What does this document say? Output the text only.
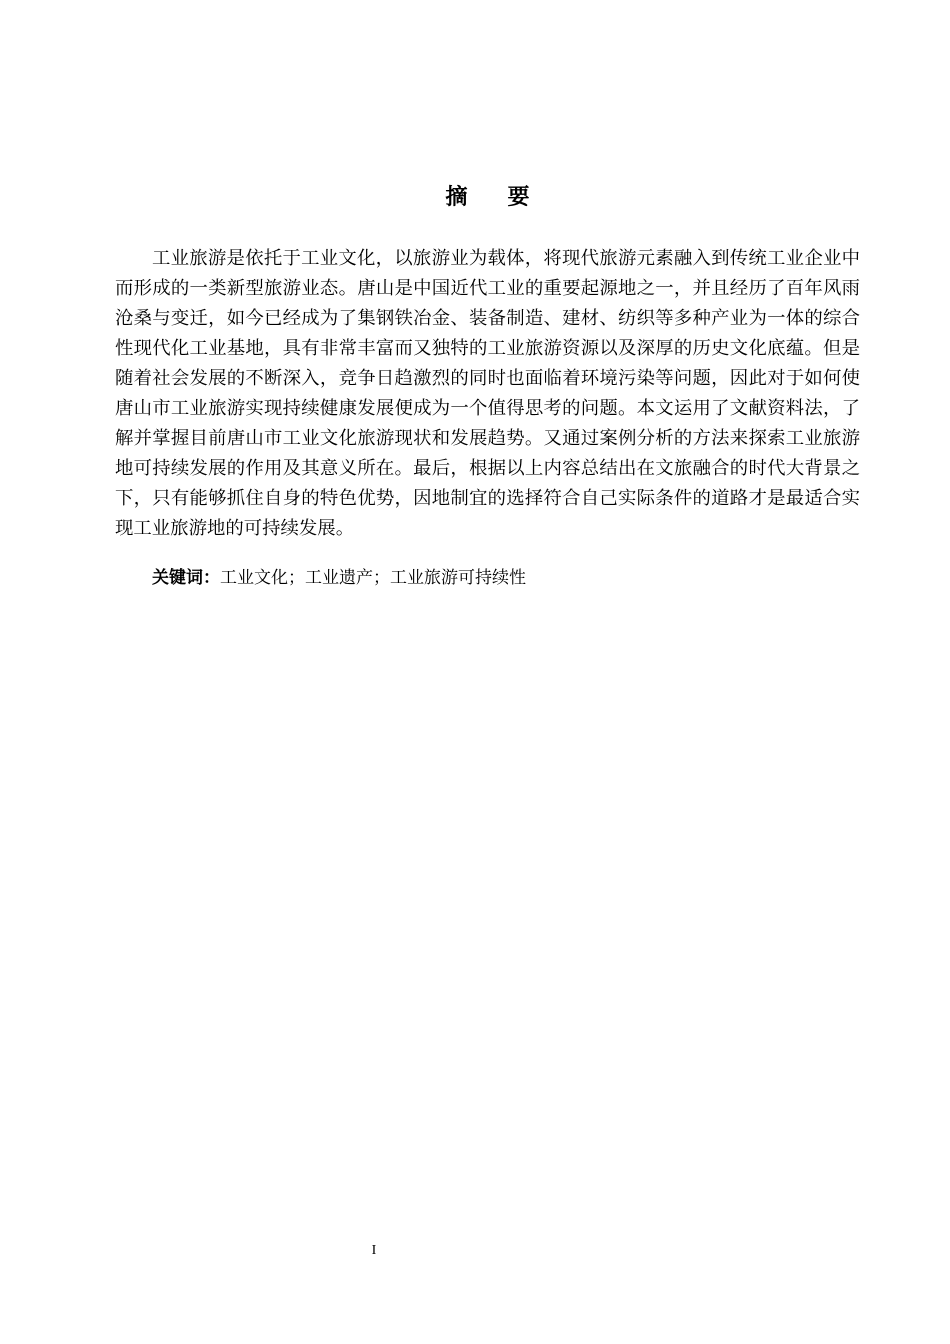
摘 要

工业旅游是依托于工业文化，以旅游业为载体，将现代旅游元素融入到传统工业企业中而形成的一类新型旅游业态。唐山是中国近代工业的重要起源地之一，并且经历了百年风雨沧桑与变迁，如今已经成为了集钢铁冶金、装备制造、建材、纺织等多种产业为一体的综合性现代化工业基地，具有非常丰富而又独特的工业旅游资源以及深厚的历史文化底蕴。但是随着社会发展的不断深入，竞争日趋激烈的同时也面临着环境污染等问题，因此对于如何使唐山市工业旅游实现持续健康发展便成为一个值得思考的问题。本文运用了文献资料法，了解并掌握目前唐山市工业文化旅游现状和发展趋势。又通过案例分析的方法来探索工业旅游地可持续发展的作用及其意义所在。最后，根据以上内容总结出在文旅融合的时代大背景之下，只有能够抓住自身的特色优势，因地制宜的选择符合自己实际条件的道路才是最适合实现工业旅游地的可持续发展。

关键词：工业文化；工业遗产；工业旅游可持续性
I
